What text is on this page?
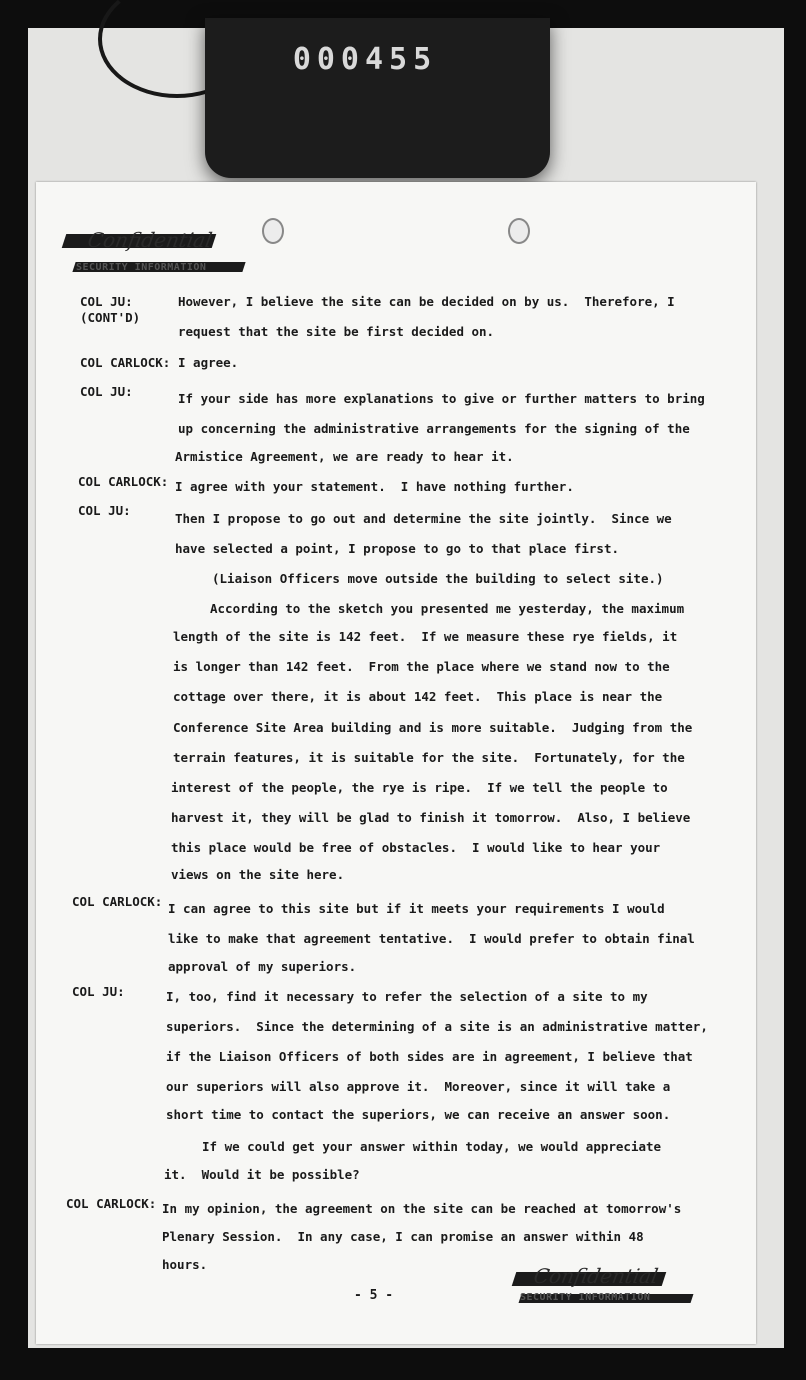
000455
Confidential
SECURITY INFORMATION
COL JU:
(CONT'D)
COL CARLOCK:
COL JU:
COL CARLOCK:
COL JU:
COL CARLOCK:
COL JU:
COL CARLOCK:
However, I believe the site can be decided on by us.  Therefore, I
request that the site be first decided on.
I agree.
If your side has more explanations to give or further matters to bring
up concerning the administrative arrangements for the signing of the
Armistice Agreement, we are ready to hear it.
I agree with your statement.  I have nothing further.
Then I propose to go out and determine the site jointly.  Since we
have selected a point, I propose to go to that place first.
(Liaison Officers move outside the building to select site.)
According to the sketch you presented me yesterday, the maximum
length of the site is 142 feet.  If we measure these rye fields, it
is longer than 142 feet.  From the place where we stand now to the
cottage over there, it is about 142 feet.  This place is near the
Conference Site Area building and is more suitable.  Judging from the
terrain features, it is suitable for the site.  Fortunately, for the
interest of the people, the rye is ripe.  If we tell the people to
harvest it, they will be glad to finish it tomorrow.  Also, I believe
this place would be free of obstacles.  I would like to hear your
views on the site here.
I can agree to this site but if it meets your requirements I would
like to make that agreement tentative.  I would prefer to obtain final
approval of my superiors.
I, too, find it necessary to refer the selection of a site to my
superiors.  Since the determining of a site is an administrative matter,
if the Liaison Officers of both sides are in agreement, I believe that
our superiors will also approve it.  Moreover, since it will take a
short time to contact the superiors, we can receive an answer soon.
If we could get your answer within today, we would appreciate
it.  Would it be possible?
In my opinion, the agreement on the site can be reached at tomorrow's
Plenary Session.  In any case, I can promise an answer within 48
hours.
- 5 -
Confidential
SECURITY INFORMATION
